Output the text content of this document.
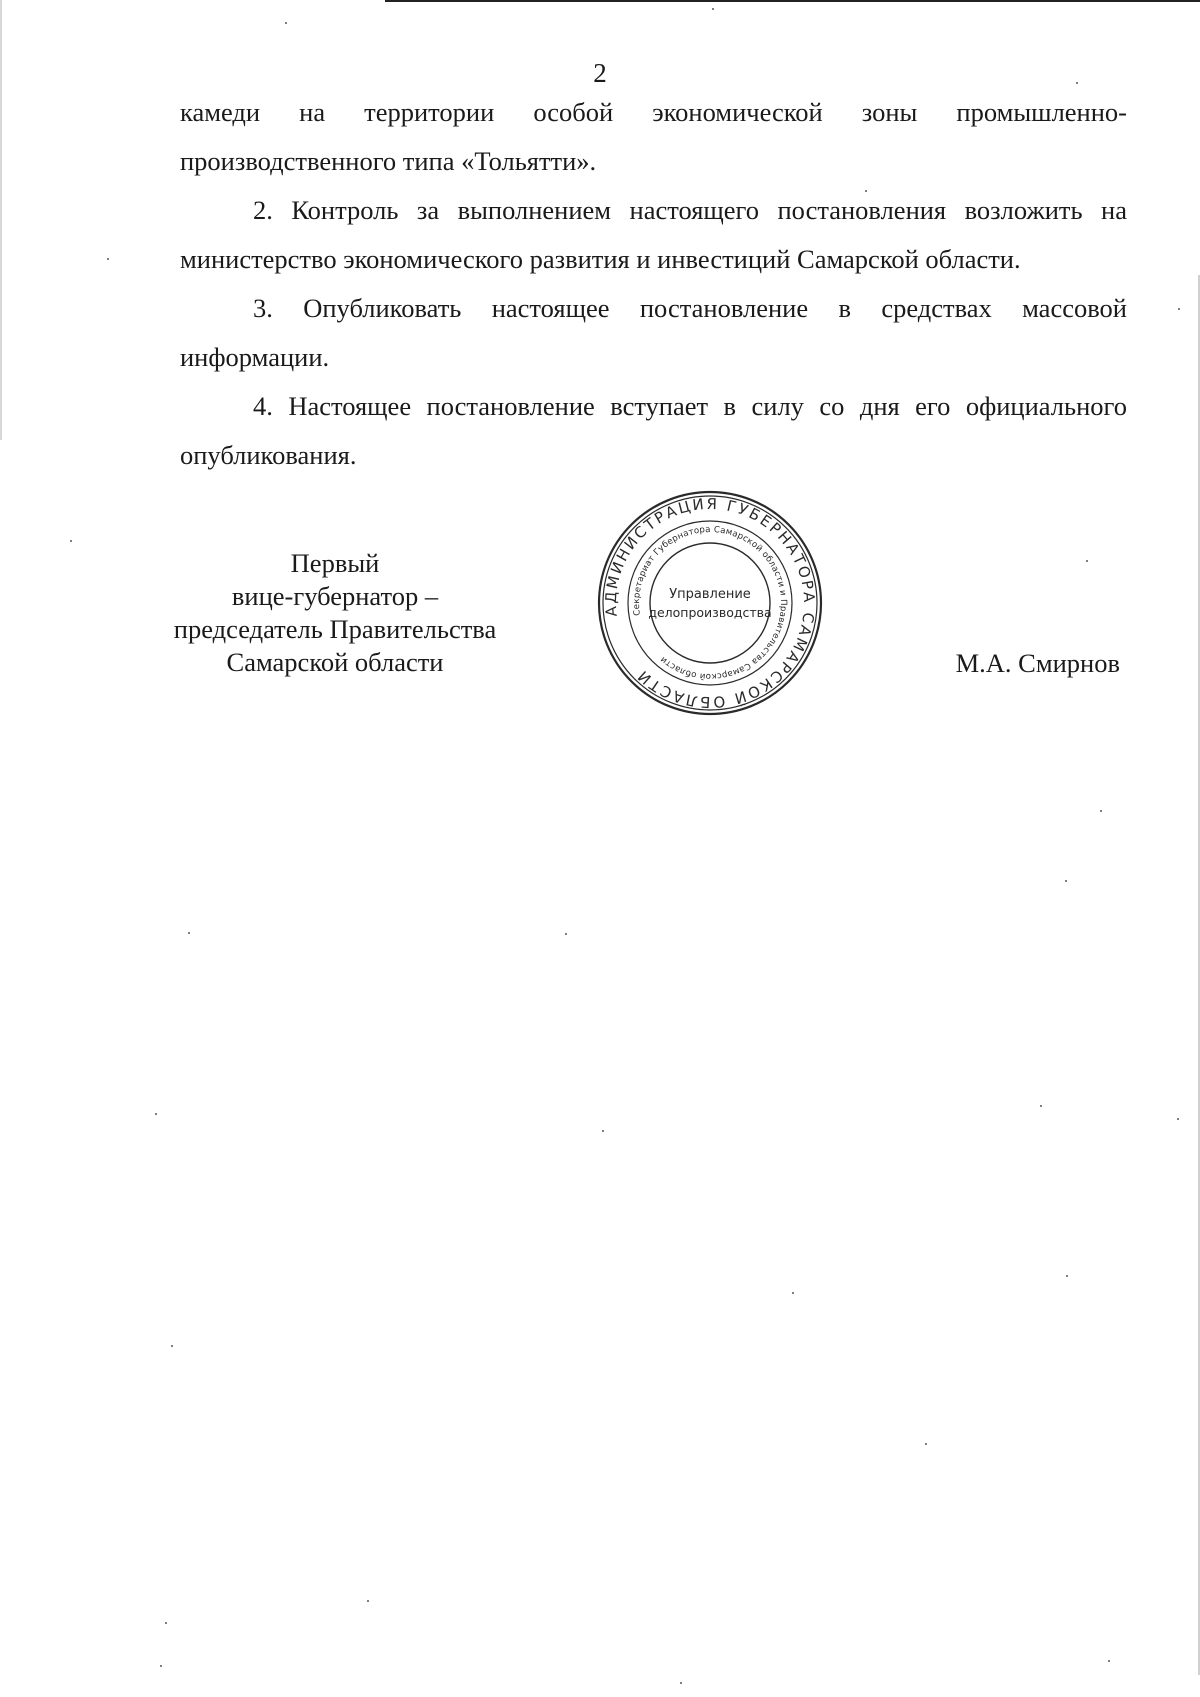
2

камеди на территории особой экономической зоны промышленно-производственного типа «Тольятти».

2. Контроль за выполнением настоящего постановления возложить на министерство экономического развития и инвестиций Самарской области.

3. Опубликовать настоящее постановление в средствах массовой информации.

4. Настоящее постановление вступает в силу со дня его официального опубликования.

Первый
вице-губернатор –
председатель Правительства
Самарской области
АДМИНИСТРАЦИЯ ГУБЕРНАТОРА САМАРСКОЙ ОБЛАСТИ
Секретариат Губернатора Самарской области и Правительства Самарской области
Управление
делопроизводства
М.А. Смирнов
